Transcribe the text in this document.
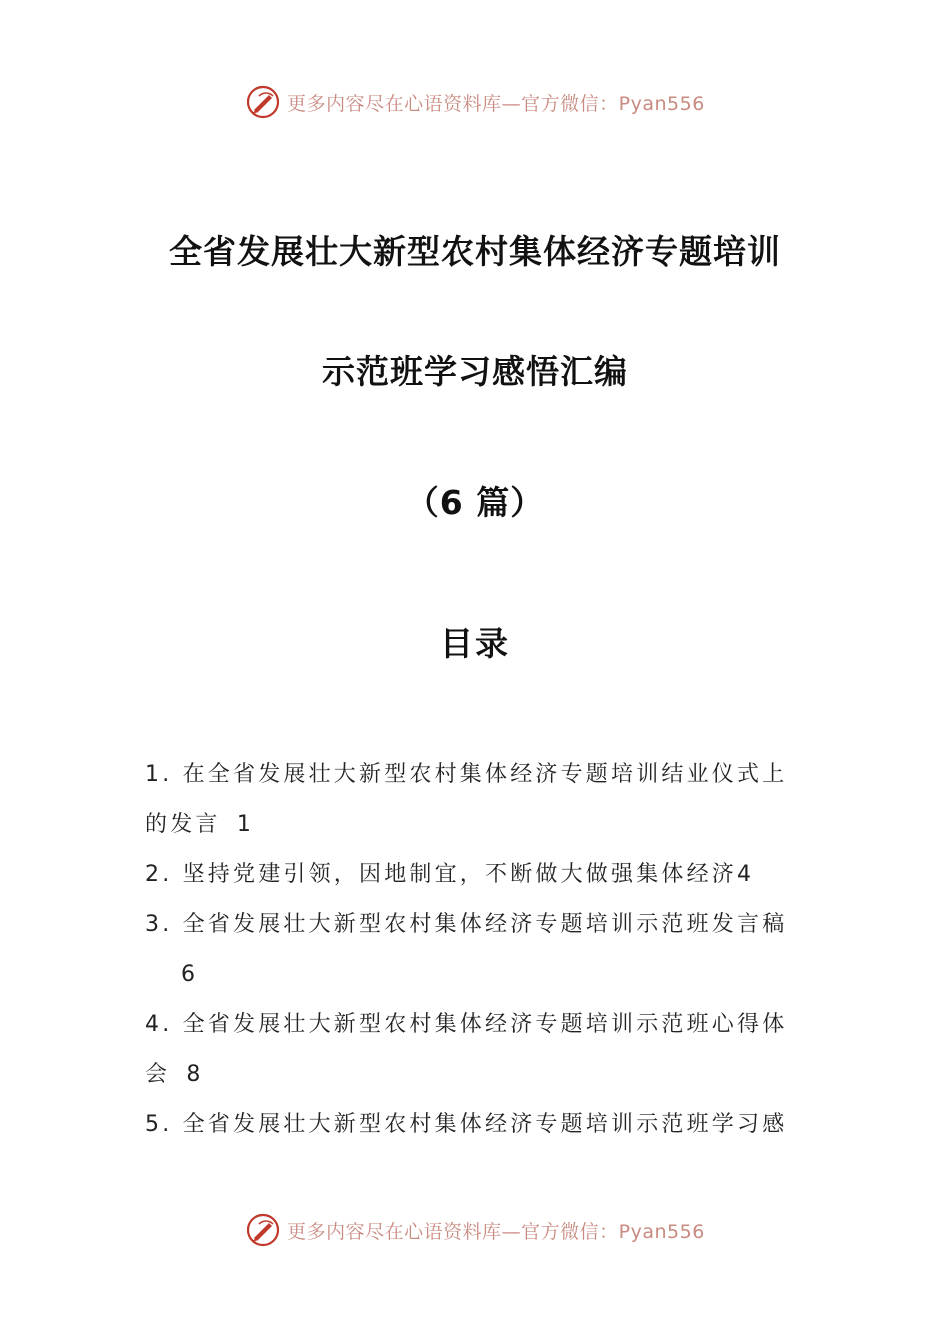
更多内容尽在心语资料库—官方微信：Pyan556
全省发展壮大新型农村集体经济专题培训
示范班学习感悟汇编
（6 篇）
目录

1. 在全省发展壮大新型农村集体经济专题培训结业仪式上的发言 1

2. 坚持党建引领，因地制宜，不断做大做强集体经济4

3. 全省发展壮大新型农村集体经济专题培训示范班发言稿
6

4. 全省发展壮大新型农村集体经济专题培训示范班心得体会 8

5. 全省发展壮大新型农村集体经济专题培训示范班学习感

更多内容尽在心语资料库—官方微信：Pyan556
